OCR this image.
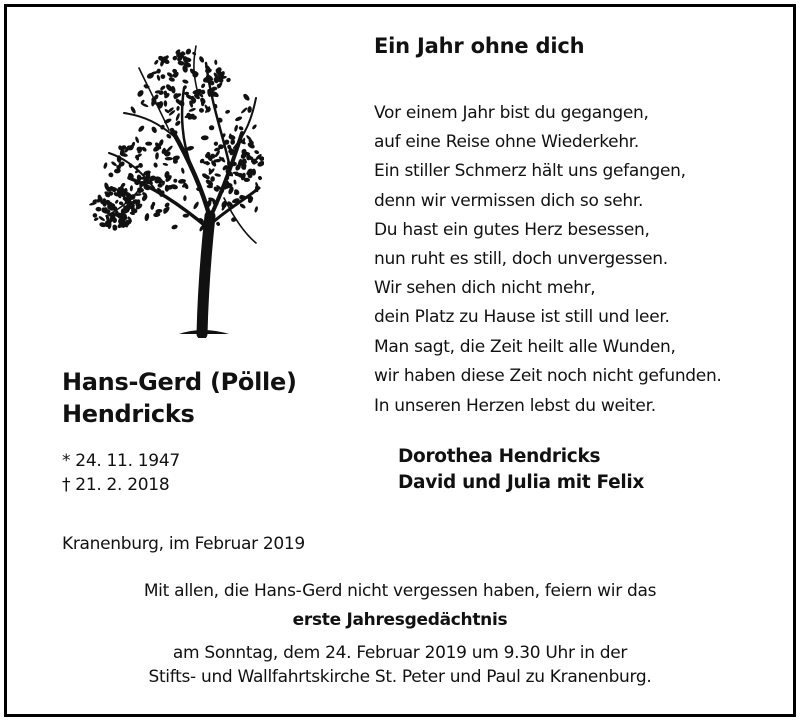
Ein Jahr ohne dich
Vor einem Jahr bist du gegangen,
auf eine Reise ohne Wiederkehr.
Ein stiller Schmerz hält uns gefangen,
denn wir vermissen dich so sehr.
Du hast ein gutes Herz besessen,
nun ruht es still, doch unvergessen.
Wir sehen dich nicht mehr,
dein Platz zu Hause ist still und leer.
Man sagt, die Zeit heilt alle Wunden,
wir haben diese Zeit noch nicht gefunden.
In unseren Herzen lebst du weiter.
Hans-Gerd (Pölle)
Hendricks
* 24. 11. 1947
† 21. 2. 2018
Dorothea Hendricks
David und Julia mit Felix
Kranenburg, im Februar 2019
Mit allen, die Hans-Gerd nicht vergessen haben, feiern wir das
erste Jahresgedächtnis
am Sonntag, dem 24. Februar 2019 um 9.30 Uhr in der
Stifts- und Wallfahrtskirche St. Peter und Paul zu Kranenburg.
